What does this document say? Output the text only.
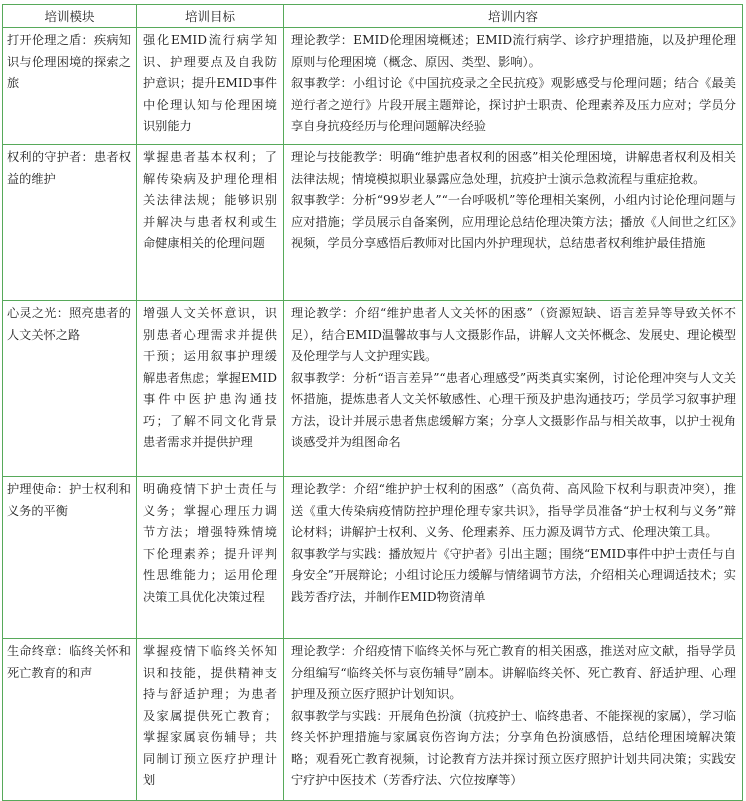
培训模块	培训目标	培训内容
打开伦理之盾：疾病知识与伦理困境的探索之旅	强化EMID流行病学知识、护理要点及自我防护意识；提升EMID事件中伦理认知与伦理困境识别能力	理论教学：EMID伦理困境概述；EMID流行病学、诊疗护理措施，以及护理伦理原则与伦理困境（概念、原因、类型、影响）。
叙事教学：小组讨论《中国抗疫录之全民抗疫》观影感受与伦理问题；结合《最美逆行者之逆行》片段开展主题辩论，探讨护士职责、伦理素养及压力应对；学员分享自身抗疫经历与伦理问题解决经验

权利的守护者：患者权益的维护	掌握患者基本权利；了解传染病及护理伦理相关法律法规；能够识别并解决与患者权利或生命健康相关的伦理问题	理论与技能教学：明确“维护患者权利的困惑”相关伦理困境，讲解患者权利及相关法律法规；情境模拟职业暴露应急处理，抗疫护士演示急救流程与重症抢救。
叙事教学：分析“99岁老人”“一台呼吸机”等伦理相关案例，小组内讨论伦理问题与应对措施；学员展示自备案例，应用理论总结伦理决策方法；播放《人间世之红区》视频，学员分享感悟后教师对比国内外护理现状，总结患者权利维护最佳措施

心灵之光：照亮患者的人文关怀之路	增强人文关怀意识，识别患者心理需求并提供干预；运用叙事护理缓解患者焦虑；掌握EMID事件中医护患沟通技巧；了解不同文化背景患者需求并提供护理	理论教学：介绍“维护患者人文关怀的困惑”（资源短缺、语言差异等导致关怀不足），结合EMID温馨故事与人文摄影作品，讲解人文关怀概念、发展史、理论模型及伦理学与人文护理实践。
叙事教学：分析“语言差异”“患者心理感受”两类真实案例，讨论伦理冲突与人文关怀措施，提炼患者人文关怀敏感性、心理干预及护患沟通技巧；学员学习叙事护理方法，设计并展示患者焦虑缓解方案；分享人文摄影作品与相关故事，以护士视角谈感受并为组图命名

护理使命：护士权利和义务的平衡	明确疫情下护士责任与义务；掌握心理压力调节方法；增强特殊情境下伦理素养；提升评判性思维能力；运用伦理决策工具优化决策过程	理论教学：介绍“维护护士权利的困惑”（高负荷、高风险下权利与职责冲突），推送《重大传染病疫情防控护理伦理专家共识》，指导学员准备“护士权利与义务”辩论材料；讲解护士权利、义务、伦理素养、压力源及调节方式、伦理决策工具。
叙事教学与实践：播放短片《守护者》引出主题；围绕“EMID事件中护士责任与自身安全”开展辩论；小组讨论压力缓解与情绪调节方法，介绍相关心理调适技术；实践芳香疗法，并制作EMID物资清单

生命终章：临终关怀和死亡教育的和声	掌握疫情下临终关怀知识和技能，提供精神支持与舒适护理；为患者及家属提供死亡教育；掌握家属哀伤辅导；共同制订预立医疗护理计划	理论教学：介绍疫情下临终关怀与死亡教育的相关困惑，推送对应文献，指导学员分组编写“临终关怀与哀伤辅导”剧本。讲解临终关怀、死亡教育、舒适护理、心理护理及预立医疗照护计划知识。
叙事教学与实践：开展角色扮演（抗疫护士、临终患者、不能探视的家属），学习临终关怀护理措施与家属哀伤咨询方法；分享角色扮演感悟，总结伦理困境解决策略；观看死亡教育视频，讨论教育方法并探讨预立医疗照护计划共同决策；实践安宁疗护中医技术（芳香疗法、穴位按摩等）
